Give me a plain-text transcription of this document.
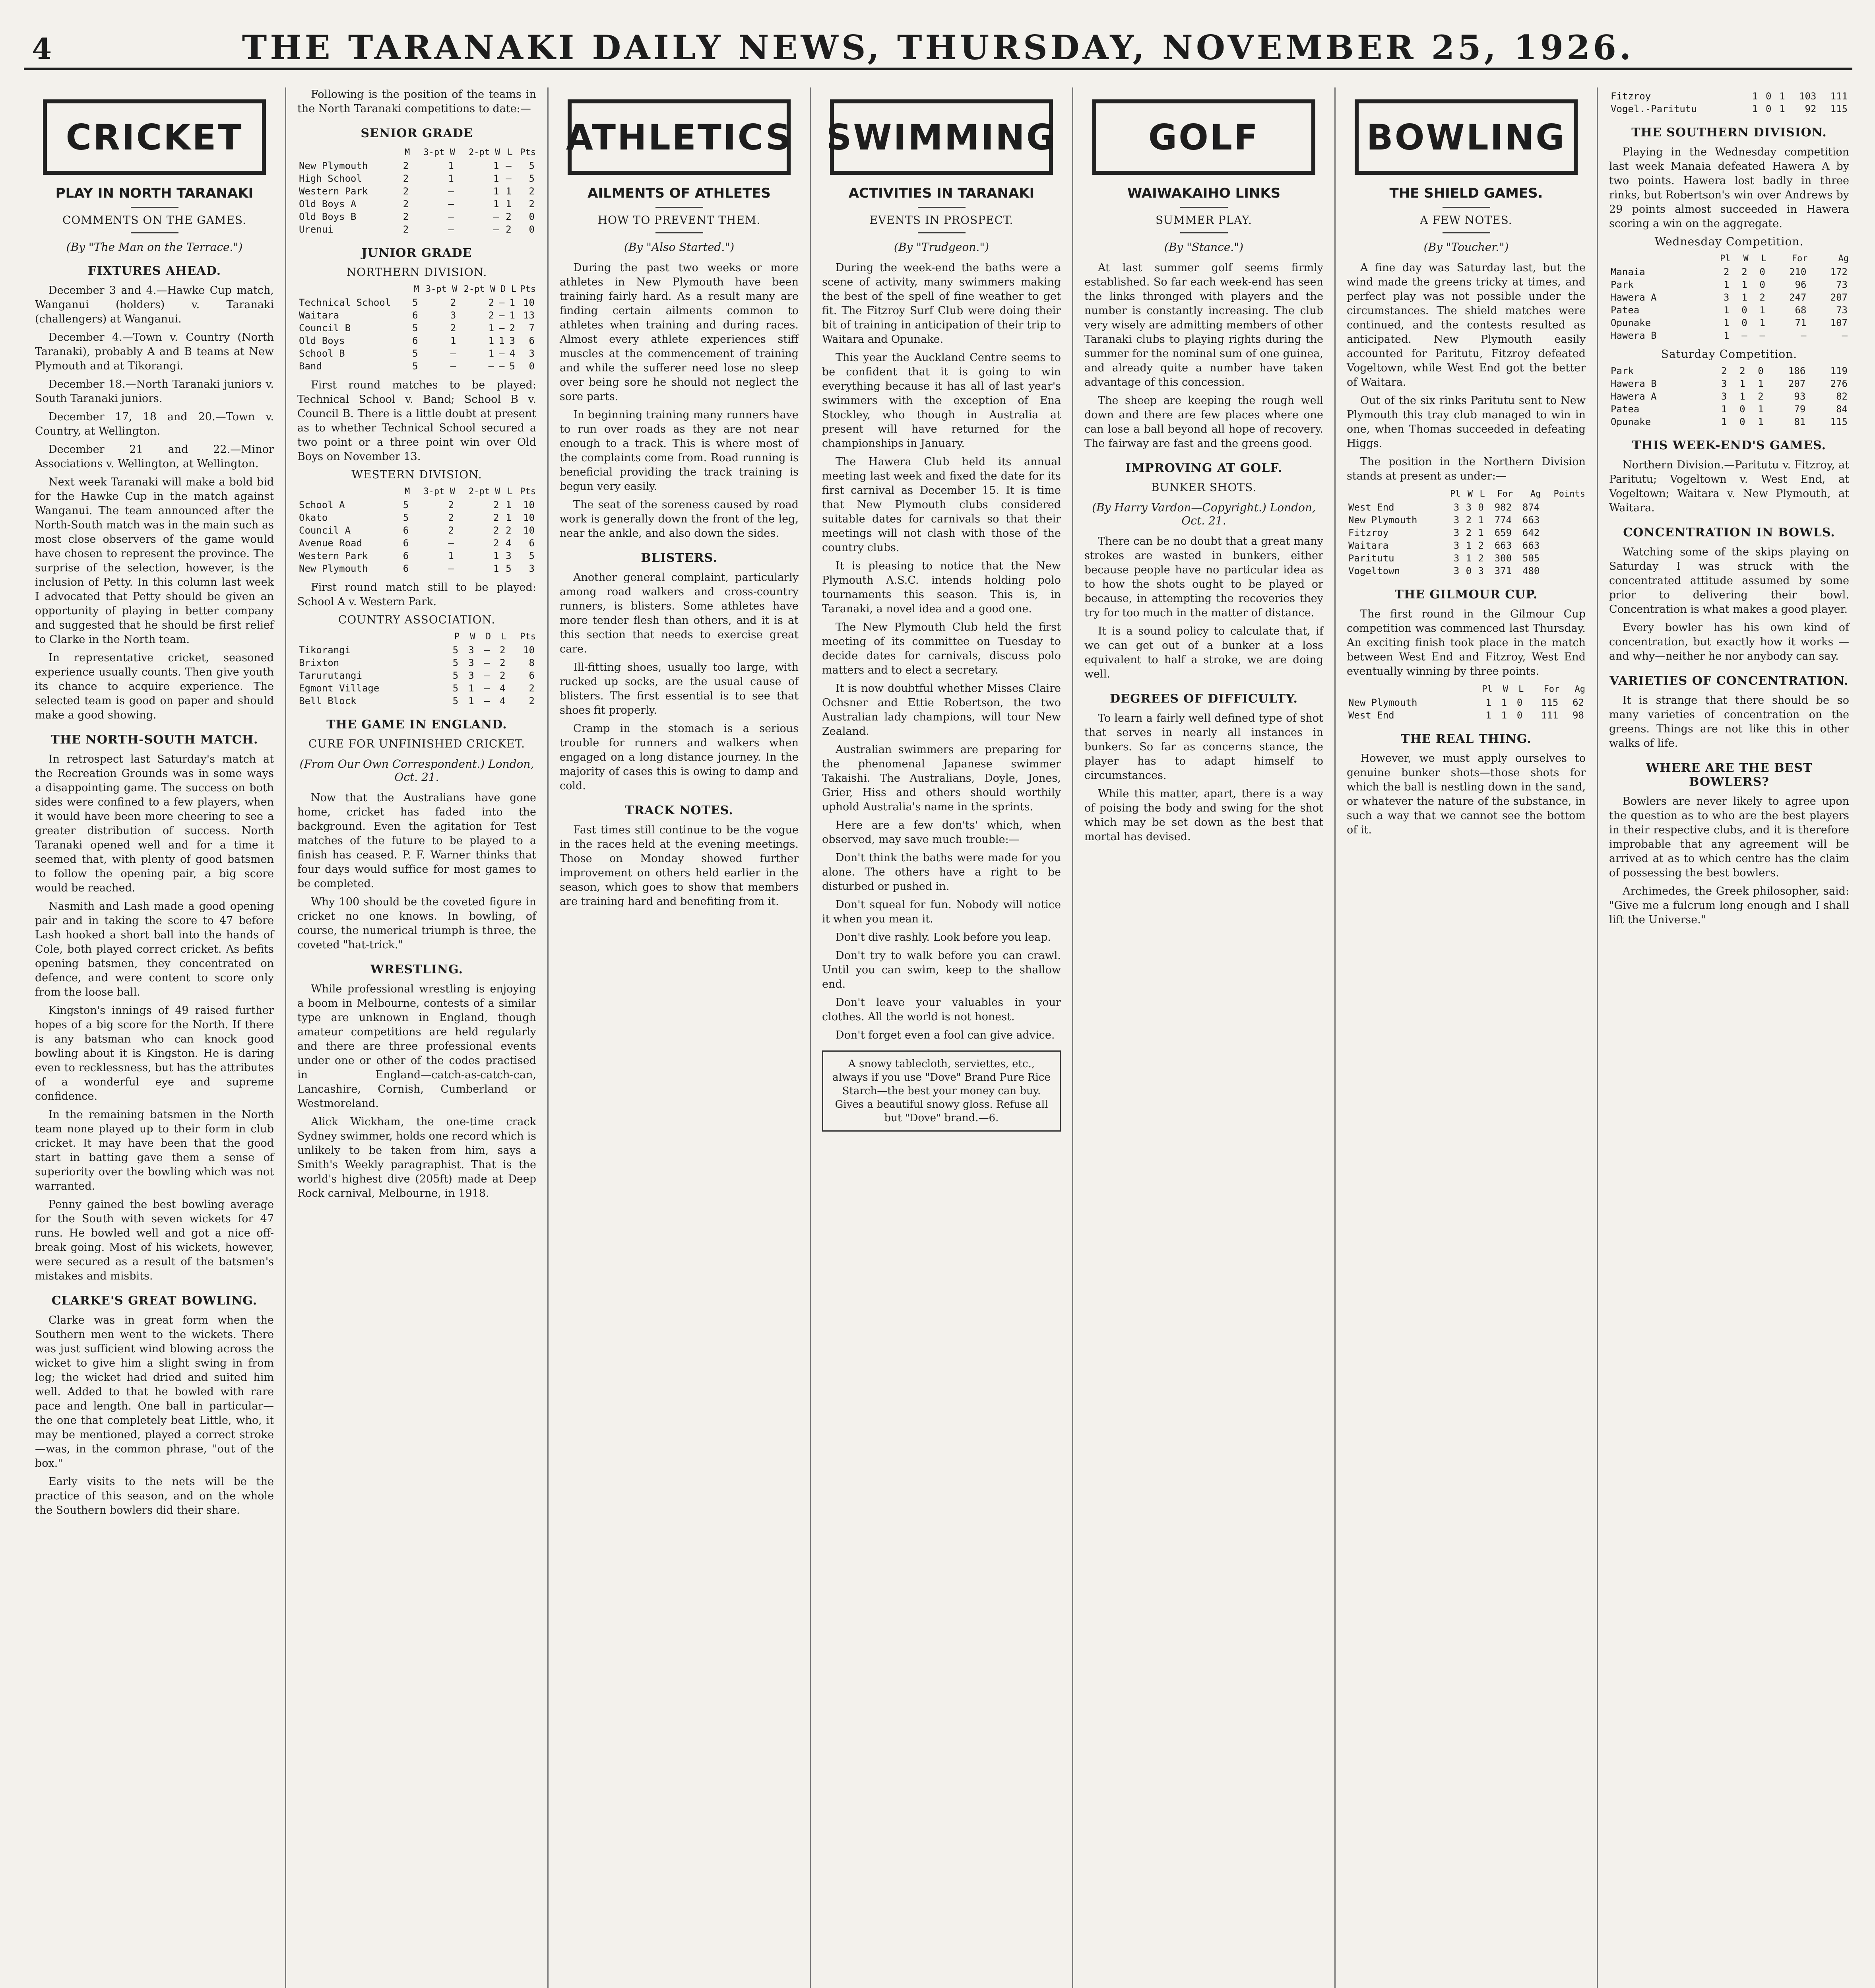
4	THE TARANAKI DAILY NEWS, THURSDAY, NOVEMBER 25, 1926.
CRICKET
PLAY IN NORTH TARANAKI
COMMENTS ON THE GAMES.
(By "The Man on the Terrace.")
FIXTURES AHEAD.

December 3 and 4.—Hawke Cup match, Wanganui (holders) v. Taranaki (challengers) at Wanganui.

December 4.—Town v. Country (North Taranaki), probably A and B teams at New Plymouth and at Tikorangi.

December 18.—North Taranaki juniors v. South Taranaki juniors.

December 17, 18 and 20.—Town v. Country, at Wellington.

December 21 and 22.—Minor Associations v. Wellington, at Wellington.

Next week Taranaki will make a bold bid for the Hawke Cup in the match against Wanganui. The team announced after the North-South match was in the main such as most close observers of the game would have chosen to represent the province. The surprise of the selection, however, is the inclusion of Petty. In this column last week I advocated that Petty should be given an opportunity of playing in better company and suggested that he should be first relief to Clarke in the North team.

In representative cricket, seasoned experience usually counts. Then give youth its chance to acquire experience. The selected team is good on paper and should make a good showing.

THE NORTH-SOUTH MATCH.

In retrospect last Saturday's match at the Recreation Grounds was in some ways a disappointing game. The success on both sides were confined to a few players, when it would have been more cheering to see a greater distribution of success. North Taranaki opened well and for a time it seemed that, with plenty of good batsmen to follow the opening pair, a big score would be reached.

Nasmith and Lash made a good opening pair and in taking the score to 47 before Lash hooked a short ball into the hands of Cole, both played correct cricket. As befits opening batsmen, they concentrated on defence, and were content to score only from the loose ball.

Kingston's innings of 49 raised further hopes of a big score for the North. If there is any batsman who can knock good bowling about it is Kingston. He is daring even to recklessness, but has the attributes of a wonderful eye and supreme confidence.

In the remaining batsmen in the North team none played up to their form in club cricket. It may have been that the good start in batting gave them a sense of superiority over the bowling which was not warranted.

Penny gained the best bowling average for the South with seven wickets for 47 runs. He bowled well and got a nice off-break going. Most of his wickets, however, were secured as a result of the batsmen's mistakes and misbits.

CLARKE'S GREAT BOWLING.

Clarke was in great form when the Southern men went to the wickets. There was just sufficient wind blowing across the wicket to give him a slight swing in from leg; the wicket had dried and suited him well. Added to that he bowled with rare pace and length. One ball in particular—the one that completely beat Little, who, it may be mentioned, played a correct stroke—was, in the common phrase, "out of the box."

Early visits to the nets will be the practice of this season, and on the whole the Southern bowlers did their share.

Following is the position of the teams in the North Taranaki competitions to date:—

SENIOR GRADE
	M	3-pt W	2-pt W	L	Pts
New Plymouth	2	1	1	—	5
High School	2	1	1	—	5
Western Park	2	—	1	1	2
Old Boys A	2	—	1	1	2
Old Boys B	2	—	—	2	0
Urenui	2	—	—	2	0
JUNIOR GRADE
NORTHERN DIVISION.
	M	3-pt W	2-pt W	D	L	Pts
Technical School	5	2	2	—	1	10
Waitara	6	3	2	—	1	13
Council B	5	2	1	—	2	7
Old Boys	6	1	1	1	3	6
School B	5	—	1	—	4	3
Band	5	—	—	—	5	0

First round matches to be played: Technical School v. Band; School B v. Council B. There is a little doubt at present as to whether Technical School secured a two point or a three point win over Old Boys on November 13.

WESTERN DIVISION.
	M	3-pt W	2-pt W	L	Pts
School A	5	2	2	1	10
Okato	5	2	2	1	10
Council A	6	2	2	2	10
Avenue Road	6	—	2	4	6
Western Park	6	1	1	3	5
New Plymouth	6	—	1	5	3

First round match still to be played: School A v. Western Park.

COUNTRY ASSOCIATION.
	P	W	D	L	Pts
Tikorangi	5	3	—	2	10
Brixton	5	3	—	2	8
Tarurutangi	5	3	—	2	6
Egmont Village	5	1	—	4	2
Bell Block	5	1	—	4	2
THE GAME IN ENGLAND.
CURE FOR UNFINISHED CRICKET.
(From Our Own Correspondent.) London, Oct. 21.

Now that the Australians have gone home, cricket has faded into the background. Even the agitation for Test matches of the future to be played to a finish has ceased. P. F. Warner thinks that four days would suffice for most games to be completed.

Why 100 should be the coveted figure in cricket no one knows. In bowling, of course, the numerical triumph is three, the coveted "hat-trick."

WRESTLING.

While professional wrestling is enjoying a boom in Melbourne, contests of a similar type are unknown in England, though amateur competitions are held regularly and there are three professional events under one or other of the codes practised in England—catch-as-catch-can, Lancashire, Cornish, Cumberland or Westmoreland.

Alick Wickham, the one-time crack Sydney swimmer, holds one record which is unlikely to be taken from him, says a Smith's Weekly paragraphist. That is the world's highest dive (205ft) made at Deep Rock carnival, Melbourne, in 1918.

ATHLETICS
AILMENTS OF ATHLETES
HOW TO PREVENT THEM.
(By "Also Started.")

During the past two weeks or more athletes in New Plymouth have been training fairly hard. As a result many are finding certain ailments common to athletes when training and during races. Almost every athlete experiences stiff muscles at the commencement of training and while the sufferer need lose no sleep over being sore he should not neglect the sore parts.

In beginning training many runners have to run over roads as they are not near enough to a track. This is where most of the complaints come from. Road running is beneficial providing the track training is begun very easily.

The seat of the soreness caused by road work is generally down the front of the leg, near the ankle, and also down the sides.

BLISTERS.

Another general complaint, particularly among road walkers and cross-country runners, is blisters. Some athletes have more tender flesh than others, and it is at this section that needs to exercise great care.

Ill-fitting shoes, usually too large, with rucked up socks, are the usual cause of blisters. The first essential is to see that shoes fit properly.

Cramp in the stomach is a serious trouble for runners and walkers when engaged on a long distance journey. In the majority of cases this is owing to damp and cold.

TRACK NOTES.

Fast times still continue to be the vogue in the races held at the evening meetings. Those on Monday showed further improvement on others held earlier in the season, which goes to show that members are training hard and benefiting from it.

SWIMMING
ACTIVITIES IN TARANAKI
EVENTS IN PROSPECT.
(By "Trudgeon.")

During the week-end the baths were a scene of activity, many swimmers making the best of the spell of fine weather to get fit. The Fitzroy Surf Club were doing their bit of training in anticipation of their trip to Waitara and Opunake.

This year the Auckland Centre seems to be confident that it is going to win everything because it has all of last year's swimmers with the exception of Ena Stockley, who though in Australia at present will have returned for the championships in January.

The Hawera Club held its annual meeting last week and fixed the date for its first carnival as December 15. It is time that New Plymouth clubs considered suitable dates for carnivals so that their meetings will not clash with those of the country clubs.

It is pleasing to notice that the New Plymouth A.S.C. intends holding polo tournaments this season. This is, in Taranaki, a novel idea and a good one.

The New Plymouth Club held the first meeting of its committee on Tuesday to decide dates for carnivals, discuss polo matters and to elect a secretary.

It is now doubtful whether Misses Claire Ochsner and Ettie Robertson, the two Australian lady champions, will tour New Zealand.

Australian swimmers are preparing for the phenomenal Japanese swimmer Takaishi. The Australians, Doyle, Jones, Grier, Hiss and others should worthily uphold Australia's name in the sprints.

Here are a few don'ts' which, when observed, may save much trouble:—

Don't think the baths were made for you alone. The others have a right to be disturbed or pushed in.

Don't squeal for fun. Nobody will notice it when you mean it.

Don't dive rashly. Look before you leap.

Don't try to walk before you can crawl. Until you can swim, keep to the shallow end.

Don't leave your valuables in your clothes. All the world is not honest.

Don't forget even a fool can give advice.

A snowy tablecloth, serviettes, etc., always if you use "Dove" Brand Pure Rice Starch—the best your money can buy. Gives a beautiful snowy gloss. Refuse all but "Dove" brand.—6.
GOLF
WAIWAKAIHO LINKS
SUMMER PLAY.
(By "Stance.")

At last summer golf seems firmly established. So far each week-end has seen the links thronged with players and the number is constantly increasing. The club very wisely are admitting members of other Taranaki clubs to playing rights during the summer for the nominal sum of one guinea, and already quite a number have taken advantage of this concession.

The sheep are keeping the rough well down and there are few places where one can lose a ball beyond all hope of recovery. The fairway are fast and the greens good.

IMPROVING AT GOLF.
BUNKER SHOTS.
(By Harry Vardon—Copyright.) London, Oct. 21.

There can be no doubt that a great many strokes are wasted in bunkers, either because people have no particular idea as to how the shots ought to be played or because, in attempting the recoveries they try for too much in the matter of distance.

It is a sound policy to calculate that, if we can get out of a bunker at a loss equivalent to half a stroke, we are doing well.

DEGREES OF DIFFICULTY.

To learn a fairly well defined type of shot that serves in nearly all instances in bunkers. So far as concerns stance, the player has to adapt himself to circumstances.

While this matter, apart, there is a way of poising the body and swing for the shot which may be set down as the best that mortal has devised.

BOWLING
THE SHIELD GAMES.
A FEW NOTES.
(By "Toucher.")

A fine day was Saturday last, but the wind made the greens tricky at times, and perfect play was not possible under the circumstances. The shield matches were continued, and the contests resulted as anticipated. New Plymouth easily accounted for Paritutu, Fitzroy defeated Vogeltown, while West End got the better of Waitara.

Out of the six rinks Paritutu sent to New Plymouth this tray club managed to win in one, when Thomas succeeded in defeating Higgs.

The position in the Northern Division stands at present as under:—

	Pl	W	L	For	Ag	Points
West End	3	3	0	982	874	
New Plymouth	3	2	1	774	663	
Fitzroy	3	2	1	659	642	
Waitara	3	1	2	663	663	
Paritutu	3	1	2	300	505	
Vogeltown	3	0	3	371	480	
THE GILMOUR CUP.

The first round in the Gilmour Cup competition was commenced last Thursday. An exciting finish took place in the match between West End and Fitzroy, West End eventually winning by three points.

	Pl	W	L	For	Ag
New Plymouth	1	1	0	115	62
West End	1	1	0	111	98
THE REAL THING.

However, we must apply ourselves to genuine bunker shots—those shots for which the ball is nestling down in the sand, or whatever the nature of the substance, in such a way that we cannot see the bottom of it.

Fitzroy	1	0	1	103	111
Vogel.-Paritutu	1	0	1	92	115
THE SOUTHERN DIVISION.

Playing in the Wednesday competition last week Manaia defeated Hawera A by two points. Hawera lost badly in three rinks, but Robertson's win over Andrews by 29 points almost succeeded in Hawera scoring a win on the aggregate.

Wednesday Competition.
	Pl	W	L	For	Ag
Manaia	2	2	0	210	172
Park	1	1	0	96	73
Hawera A	3	1	2	247	207
Patea	1	0	1	68	73
Opunake	1	0	1	71	107
Hawera B	1	—	—	—	—
Saturday Competition.
Park	2	2	0	186	119
Hawera B	3	1	1	207	276
Hawera A	3	1	2	93	82
Patea	1	0	1	79	84
Opunake	1	0	1	81	115
THIS WEEK-END'S GAMES.

Northern Division.—Paritutu v. Fitzroy, at Paritutu; Vogeltown v. West End, at Vogeltown; Waitara v. New Plymouth, at Waitara.

CONCENTRATION IN BOWLS.

Watching some of the skips playing on Saturday I was struck with the concentrated attitude assumed by some prior to delivering their bowl. Concentration is what makes a good player.

Every bowler has his own kind of concentration, but exactly how it works —and why—neither he nor anybody can say.

VARIETIES OF CONCENTRATION.

It is strange that there should be so many varieties of concentration on the greens. Things are not like this in other walks of life.

WHERE ARE THE BEST BOWLERS?

Bowlers are never likely to agree upon the question as to who are the best players in their respective clubs, and it is therefore improbable that any agreement will be arrived at as to which centre has the claim of possessing the best bowlers.

Archimedes, the Greek philosopher, said: "Give me a fulcrum long enough and I shall lift the Universe."
